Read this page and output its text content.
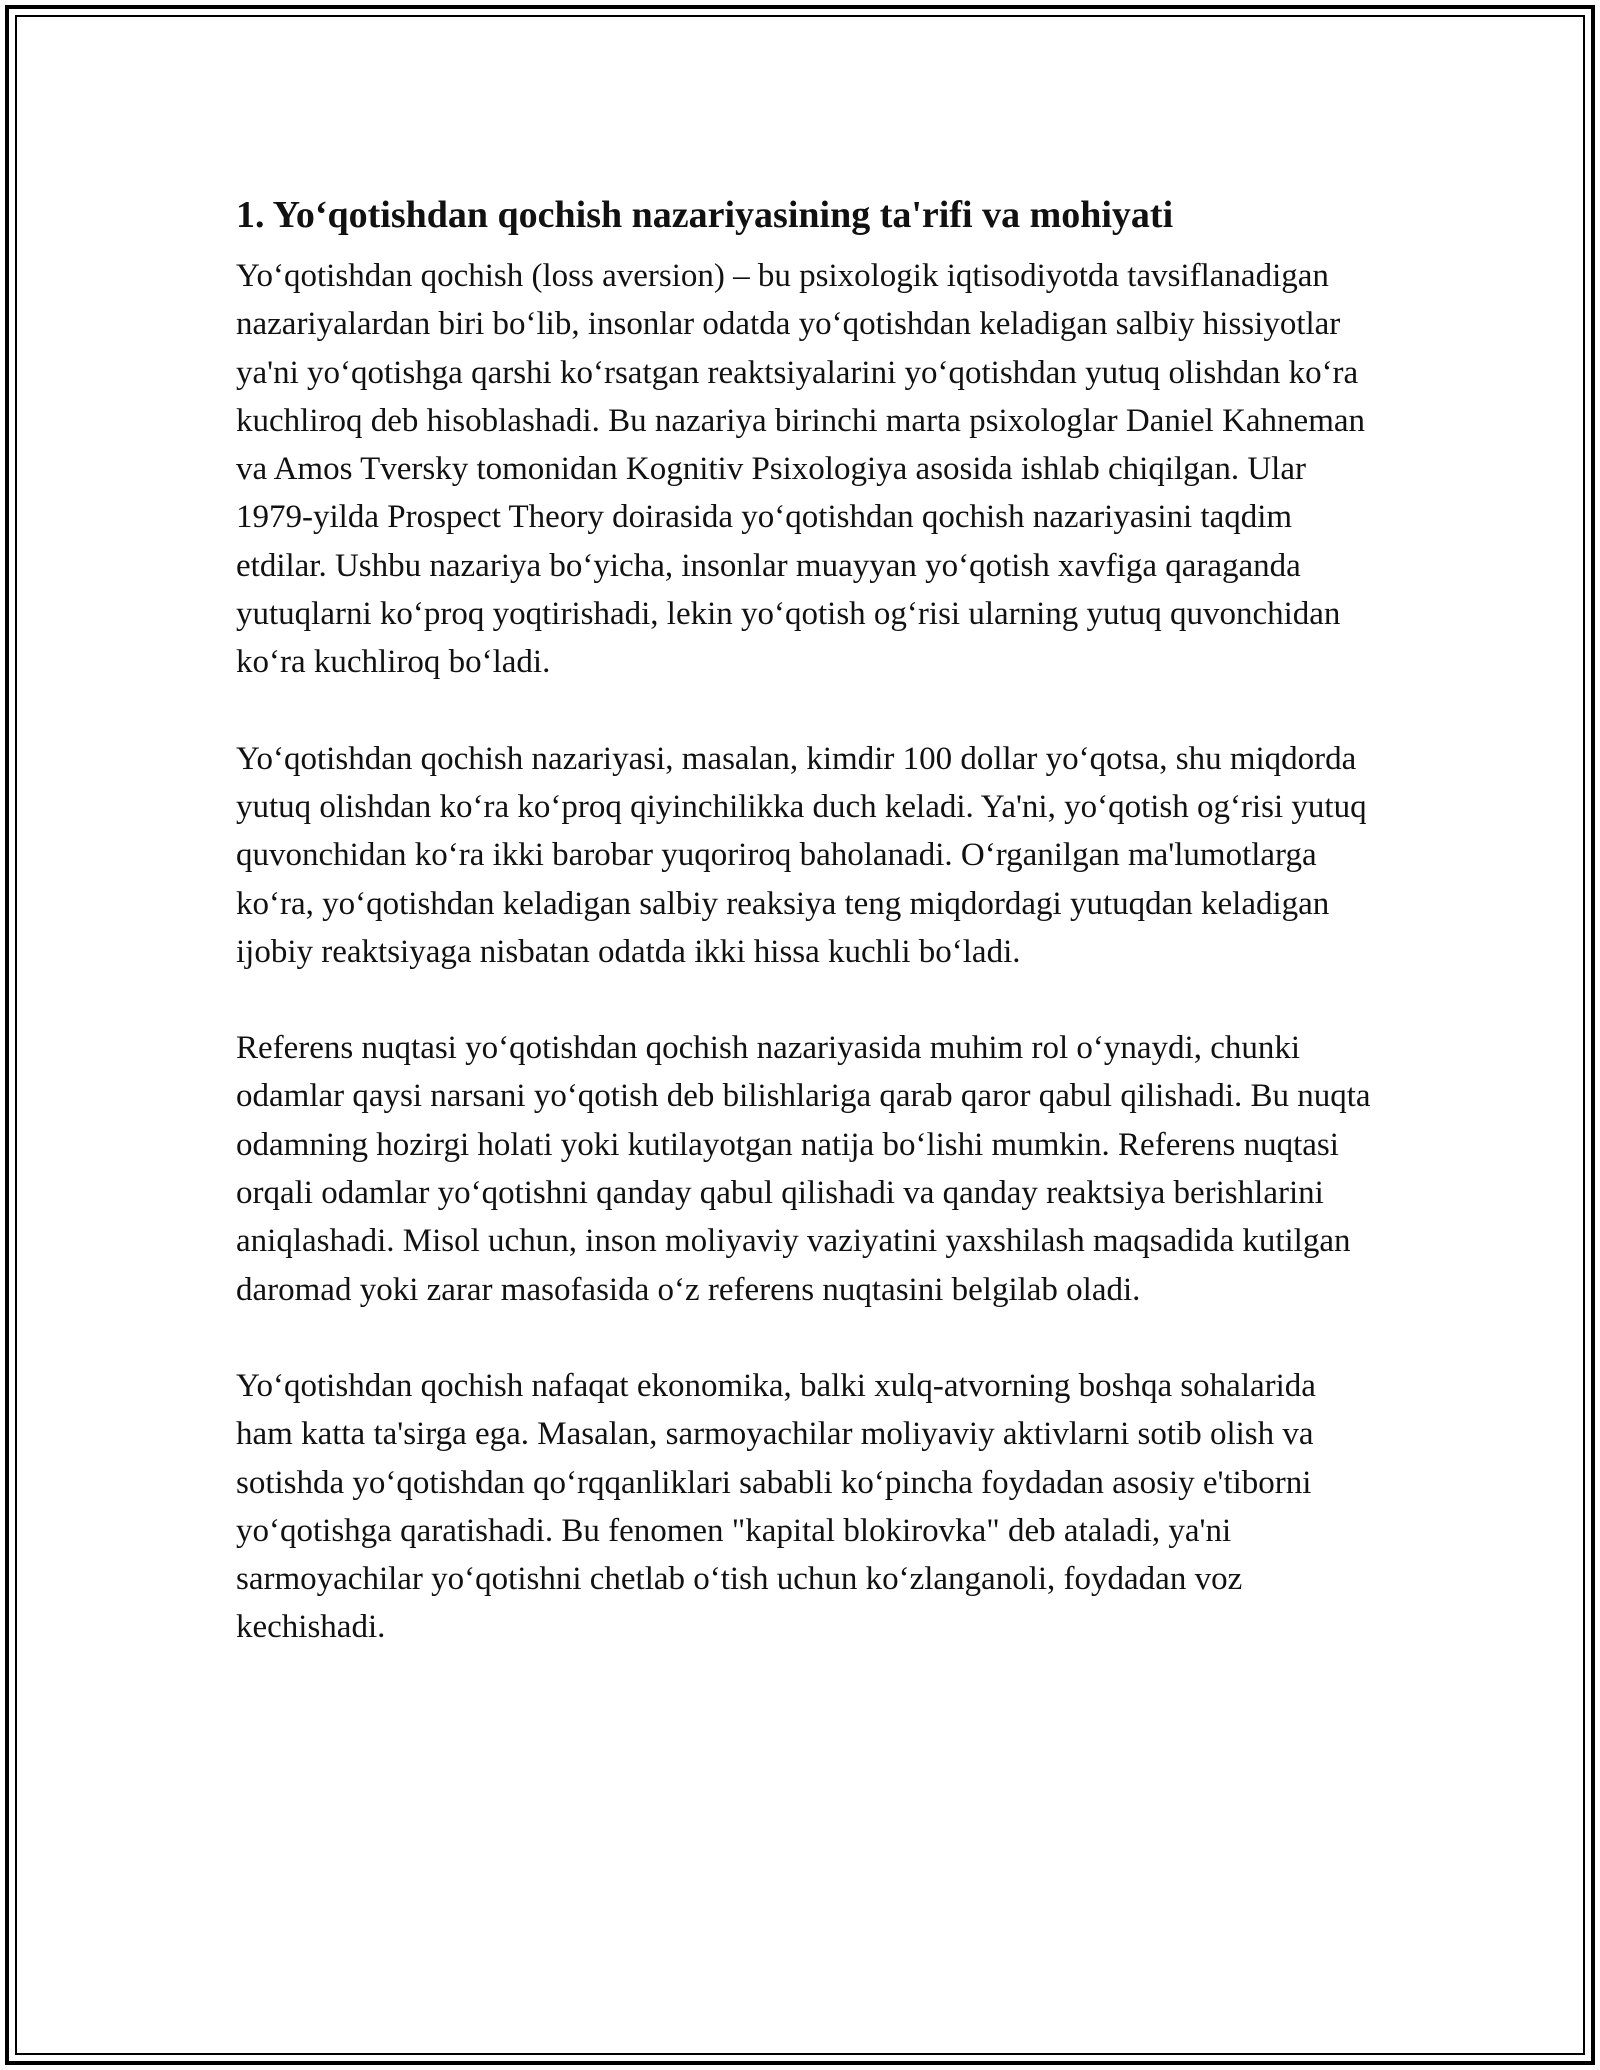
1. Yo‘qotishdan qochish nazariyasining ta'rifi va mohiyati

Yo‘qotishdan qochish (loss aversion) – bu psixologik iqtisodiyotda tavsiflanadigan nazariyalardan biri bo‘lib, insonlar odatda yo‘qotishdan keladigan salbiy hissiyotlar ya'ni yo‘qotishga qarshi ko‘rsatgan reaktsiyalarini yo‘qotishdan yutuq olishdan ko‘ra kuchliroq deb hisoblashadi. Bu nazariya birinchi marta psixologlar Daniel Kahneman va Amos Tversky tomonidan Kognitiv Psixologiya asosida ishlab chiqilgan. Ular 1979-yilda Prospect Theory doirasida yo‘qotishdan qochish nazariyasini taqdim etdilar. Ushbu nazariya bo‘yicha, insonlar muayyan yo‘qotish xavfiga qaraganda yutuqlarni ko‘proq yoqtirishadi, lekin yo‘qotish og‘risi ularning yutuq quvonchidan ko‘ra kuchliroq bo‘ladi.

Yo‘qotishdan qochish nazariyasi, masalan, kimdir 100 dollar yo‘qotsa, shu miqdorda yutuq olishdan ko‘ra ko‘proq qiyinchilikka duch keladi. Ya'ni, yo‘qotish og‘risi yutuq quvonchidan ko‘ra ikki barobar yuqoriroq baholanadi. O‘rganilgan ma'lumotlarga ko‘ra, yo‘qotishdan keladigan salbiy reaksiya teng miqdordagi yutuqdan keladigan ijobiy reaktsiyaga nisbatan odatda ikki hissa kuchli bo‘ladi.

Referens nuqtasi yo‘qotishdan qochish nazariyasida muhim rol o‘ynaydi, chunki odamlar qaysi narsani yo‘qotish deb bilishlariga qarab qaror qabul qilishadi. Bu nuqta odamning hozirgi holati yoki kutilayotgan natija bo‘lishi mumkin. Referens nuqtasi orqali odamlar yo‘qotishni qanday qabul qilishadi va qanday reaktsiya berishlarini aniqlashadi. Misol uchun, inson moliyaviy vaziyatini yaxshilash maqsadida kutilgan daromad yoki zarar masofasida o‘z referens nuqtasini belgilab oladi.

Yo‘qotishdan qochish nafaqat ekonomika, balki xulq-atvorning boshqa sohalarida ham katta ta'sirga ega. Masalan, sarmoyachilar moliyaviy aktivlarni sotib olish va sotishda yo‘qotishdan qo‘rqqanliklari sababli ko‘pincha foydadan asosiy e'tiborni yo‘qotishga qaratishadi. Bu fenomen "kapital blokirovka" deb ataladi, ya'ni sarmoyachilar yo‘qotishni chetlab o‘tish uchun ko‘zlanganoli, foydadan voz kechishadi.
